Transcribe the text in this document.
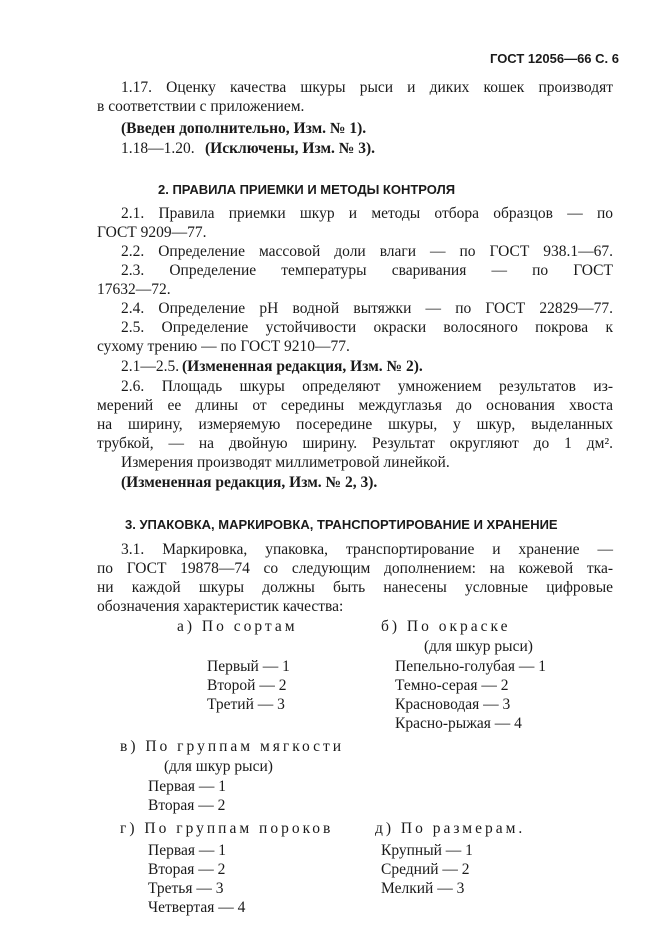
ГОСТ 12056—66 С. 6
1.17. Оценку качества шкуры рыси и диких кошек производят
в соответствии с приложением.
(Введен дополнительно, Изм. № 1).
1.18—1.20. (Исключены, Изм. № 3).
2. ПРАВИЛА ПРИЕМКИ И МЕТОДЫ КОНТРОЛЯ
2.1. Правила приемки шкур и методы отбора образцов — по
ГОСТ 9209—77.
2.2. Определение массовой доли влаги — по ГОСТ 938.1—67.
2.3. Определение температуры сваривания — по ГОСТ
17632—72.
2.4. Определение рН водной вытяжки — по ГОСТ 22829—77.
2.5. Определение устойчивости окраски волосяного покрова к
сухому трению — по ГОСТ 9210—77.
2.1—2.5. (Измененная редакция, Изм. № 2).
2.6. Площадь шкуры определяют умножением результатов из-
мерений ее длины от середины междуглазья до основания хвоста
на ширину, измеряемую посередине шкуры, у шкур, выделанных
трубкой, — на двойную ширину. Результат округляют до 1 дм².
Измерения производят миллиметровой линейкой.
(Измененная редакция, Изм. № 2, 3).
3. УПАКОВКА, МАРКИРОВКА, ТРАНСПОРТИРОВАНИЕ И ХРАНЕНИЕ
3.1. Маркировка, упаковка, транспортирование и хранение —
по ГОСТ 19878—74 со следующим дополнением: на кожевой тка-
ни каждой шкуры должны быть нанесены условные цифровые
обозначения характеристик качества:
а) По сортам
Первый — 1
Второй — 2
Третий — 3
б) По окраске
(для шкур рыси)
Пепельно-голубая — 1
Темно-серая — 2
Красноводая — 3
Красно-рыжая — 4
в) По группам мягкости
(для шкур рыси)
Первая — 1
Вторая — 2
г) По группам пороков
Первая — 1
Вторая — 2
Третья — 3
Четвертая — 4
д) По размерам.
Крупный — 1
Средний — 2
Мелкий — 3
